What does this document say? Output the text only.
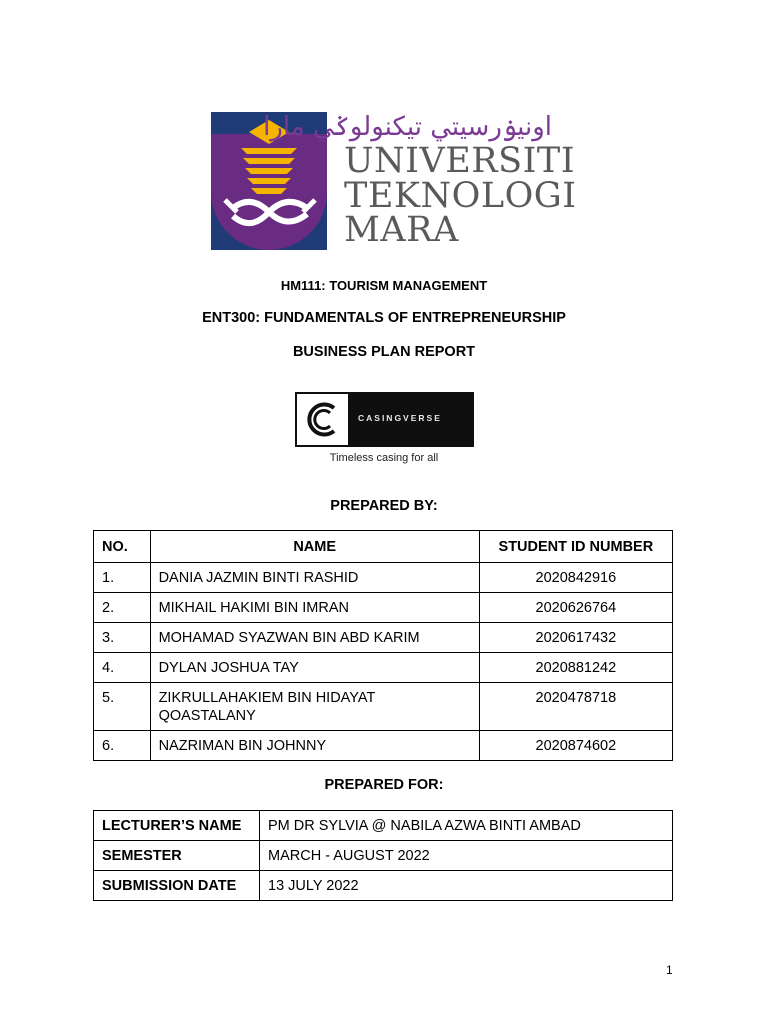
اونيۏرسيتي تيکنولوݢي مارا
UNIVERSITI
TEKNOLOGI
MARA
HM111: TOURISM MANAGEMENT
ENT300: FUNDAMENTALS OF ENTREPRENEURSHIP
BUSINESS PLAN REPORT
CASINGVERSE
Timeless casing for all
PREPARED BY:
NO.	NAME	STUDENT ID NUMBER
1.	DANIA JAZMIN BINTI RASHID	2020842916
2.	MIKHAIL HAKIMI BIN IMRAN	2020626764
3.	MOHAMAD SYAZWAN BIN ABD KARIM	2020617432
4.	DYLAN JOSHUA TAY	2020881242
5.	ZIKRULLAHAKIEM BIN HIDAYAT QOASTALANY	2020478718
6.	NAZRIMAN BIN JOHNNY	2020874602
PREPARED FOR:
LECTURER’S NAME	PM DR SYLVIA @ NABILA AZWA BINTI AMBAD
SEMESTER	MARCH - AUGUST 2022
SUBMISSION DATE	13 JULY 2022
1
